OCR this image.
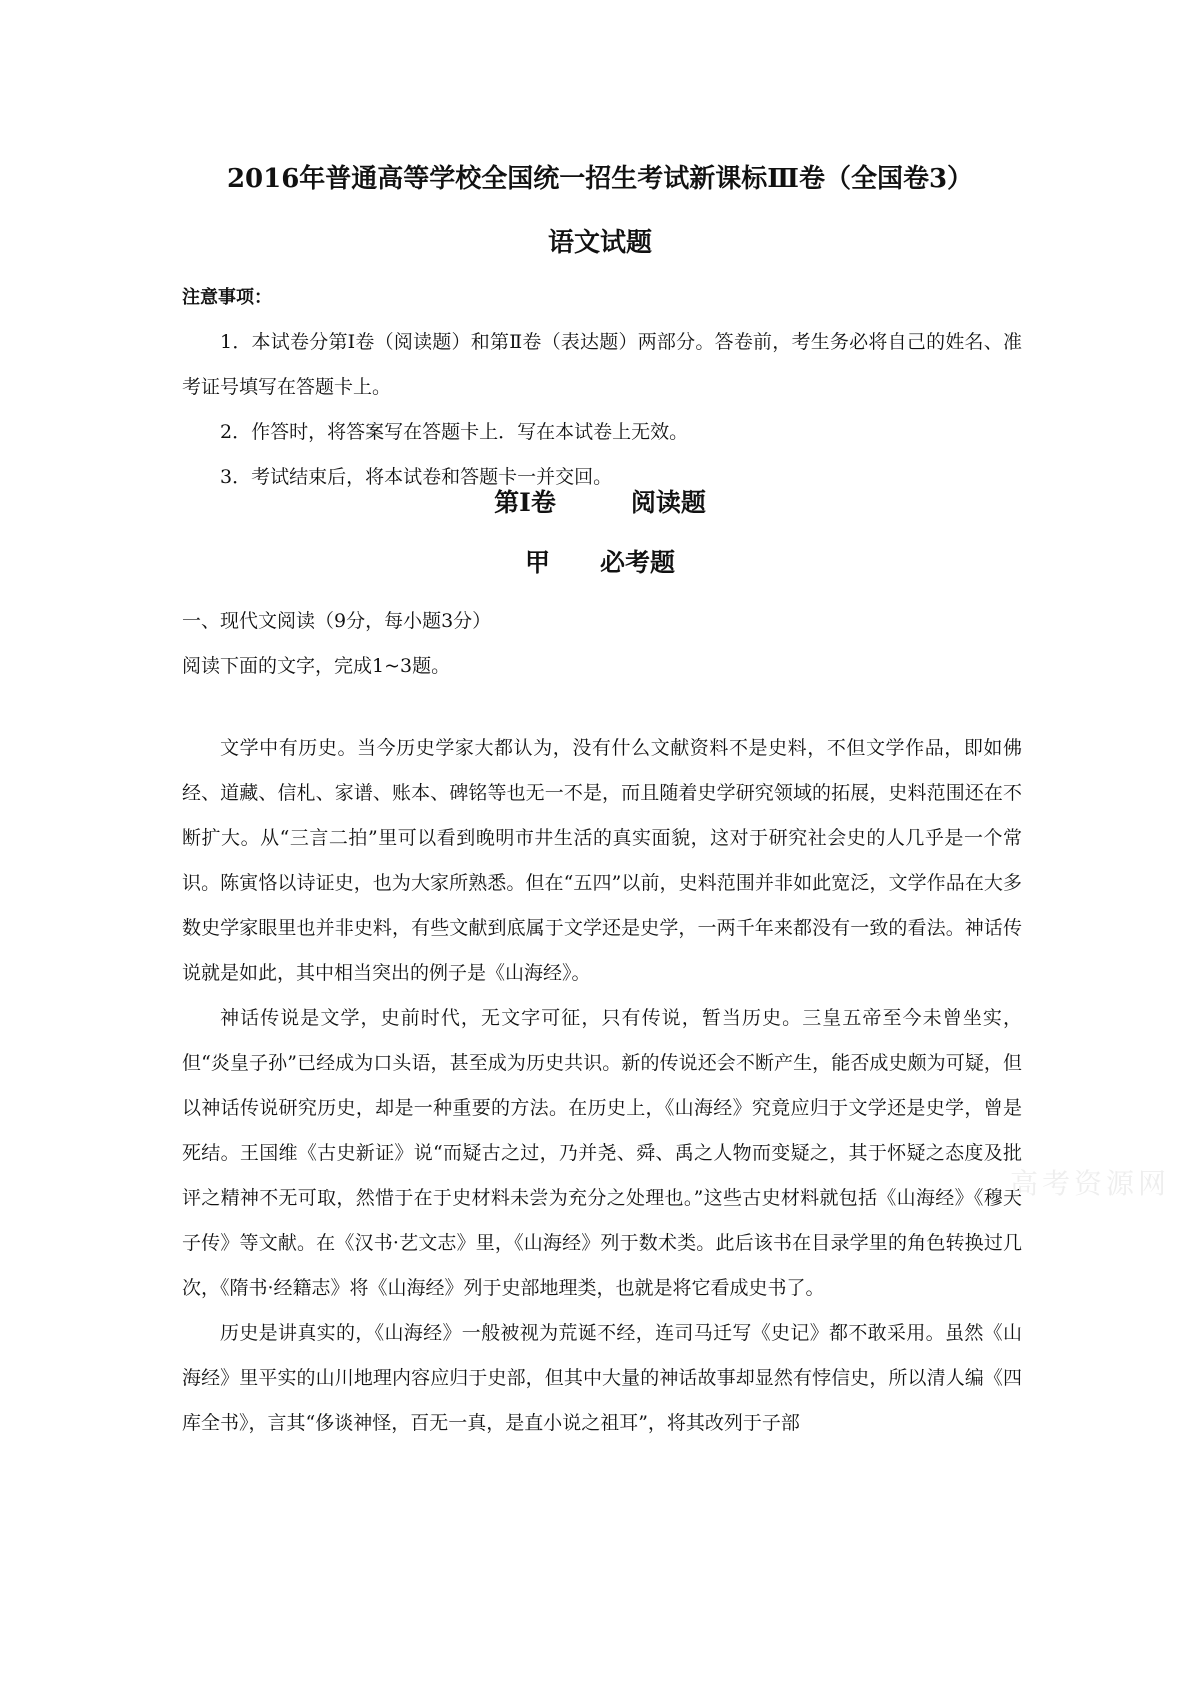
2016年普通高等学校全国统一招生考试新课标Ⅲ卷（全国卷3）
语文试题
注意事项：
1．本试卷分第Ⅰ卷（阅读题）和第Ⅱ卷（表达题）两部分。答卷前，考生务必将自己的姓名、准考证号填写在答题卡上。
2．作答时，将答案写在答题卡上．写在本试卷上无效。
3．考试结束后，将本试卷和答题卡一并交回。
第Ⅰ卷　　　阅读题
甲　　必考题
一、现代文阅读（9分，每小题3分）
阅读下面的文字，完成1~3题。

文学中有历史。当今历史学家大都认为，没有什么文献资料不是史料，不但文学作品，即如佛经、道藏、信札、家谱、账本、碑铭等也无一不是，而且随着史学研究领域的拓展，史料范围还在不断扩大。从“三言二拍”里可以看到晚明市井生活的真实面貌，这对于研究社会史的人几乎是一个常识。陈寅恪以诗证史，也为大家所熟悉。但在“五四”以前，史料范围并非如此宽泛，文学作品在大多数史学家眼里也并非史料，有些文献到底属于文学还是史学，一两千年来都没有一致的看法。神话传说就是如此，其中相当突出的例子是《山海经》。

神话传说是文学，史前时代，无文字可征，只有传说，暂当历史。三皇五帝至今未曾坐实，但“炎皇子孙”已经成为口头语，甚至成为历史共识。新的传说还会不断产生，能否成史颇为可疑，但以神话传说研究历史，却是一种重要的方法。在历史上，《山海经》究竟应归于文学还是史学，曾是死结。王国维《古史新证》说“而疑古之过，乃并尧、舜、禹之人物而变疑之，其于怀疑之态度及批评之精神不无可取，然惜于在于史材料未尝为充分之处理也。”这些古史材料就包括《山海经》《穆天子传》等文献。在《汉书·艺文志》里，《山海经》列于数术类。此后该书在目录学里的角色转换过几次，《隋书·经籍志》将《山海经》列于史部地理类，也就是将它看成史书了。

历史是讲真实的，《山海经》一般被视为荒诞不经，连司马迁写《史记》都不敢采用。虽然《山海经》里平实的山川地理内容应归于史部，但其中大量的神话故事却显然有悖信史，所以清人编《四库全书》，言其“侈谈神怪，百无一真，是直小说之祖耳”，将其改列于子部

高考资源网
